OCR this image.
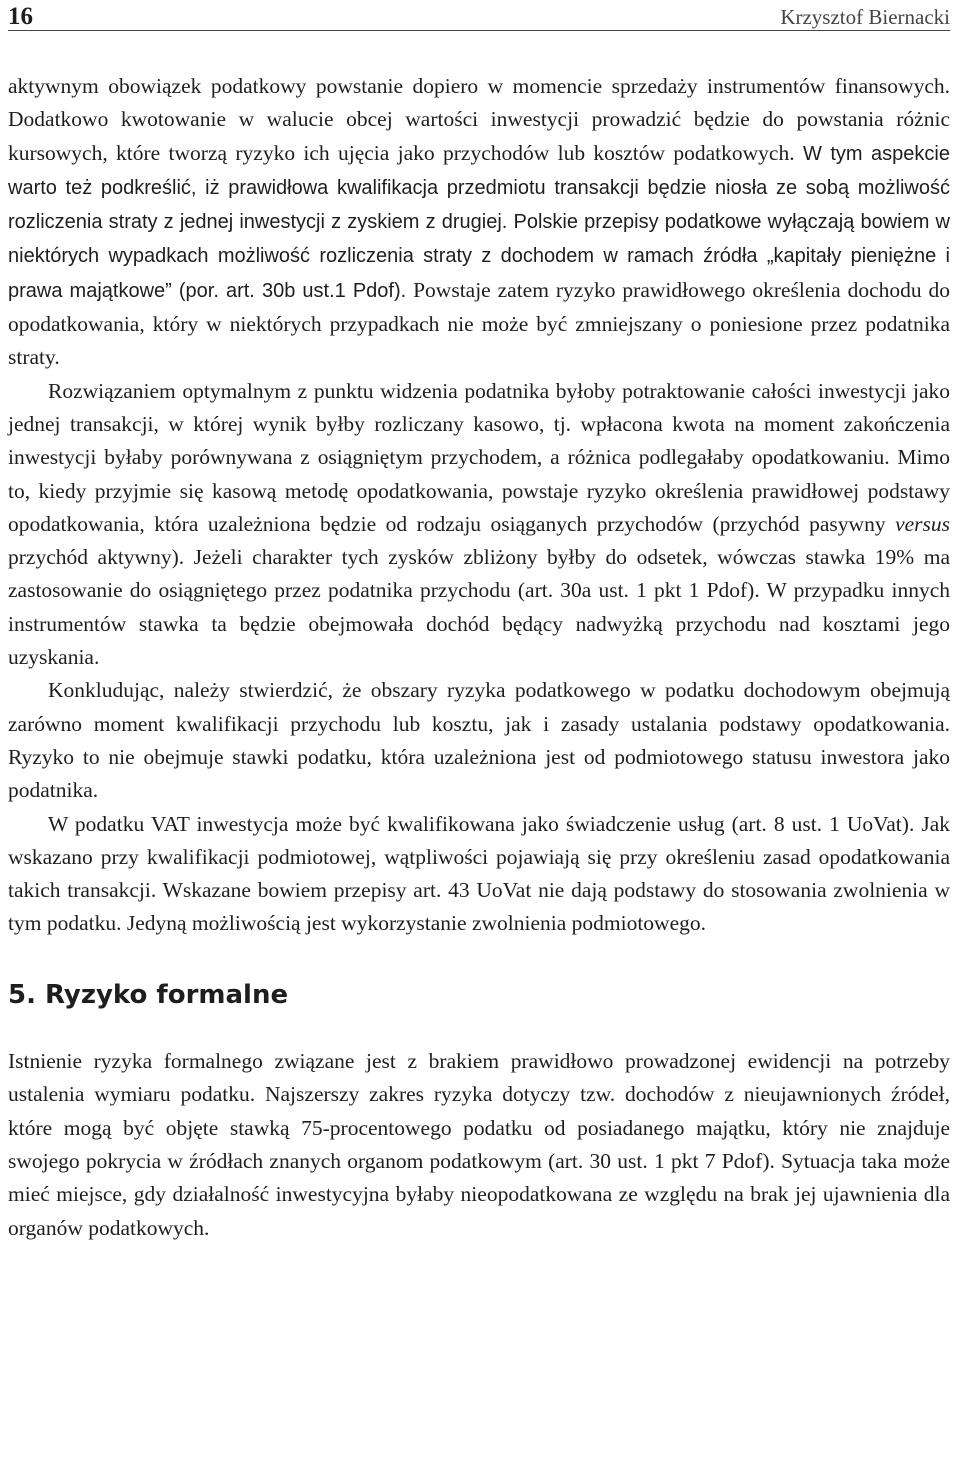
16	Krzysztof Biernacki

aktywnym obowiązek podatkowy powstanie dopiero w momencie sprzedaży instrumentów finansowych. Dodatkowo kwotowanie w walucie obcej wartości inwestycji prowadzić będzie do powstania różnic kursowych, które tworzą ryzyko ich ujęcia jako przychodów lub kosztów podatkowych. W tym aspekcie warto też podkreślić, iż prawidłowa kwalifikacja przedmiotu transakcji będzie niosła ze sobą możliwość rozliczenia straty z jednej inwestycji z zyskiem z drugiej. Polskie przepisy podatkowe wyłączają bowiem w niektórych wypadkach możliwość rozliczenia straty z dochodem w ramach źródła „kapitały pieniężne i prawa majątkowe” (por. art. 30b ust.1 Pdof). Powstaje zatem ryzyko prawidłowego określenia dochodu do opodatkowania, który w niektórych przypadkach nie może być zmniejszany o poniesione przez podatnika straty.

Rozwiązaniem optymalnym z punktu widzenia podatnika byłoby potraktowanie całości inwestycji jako jednej transakcji, w której wynik byłby rozliczany kasowo, tj. wpłacona kwota na moment zakończenia inwestycji byłaby porównywana z osiągniętym przychodem, a różnica podlegałaby opodatkowaniu. Mimo to, kiedy przyjmie się kasową metodę opodatkowania, powstaje ryzyko określenia prawidłowej podstawy opodatkowania, która uzależniona będzie od rodzaju osiąganych przychodów (przychód pasywny versus przychód aktywny). Jeżeli charakter tych zysków zbliżony byłby do odsetek, wówczas stawka 19% ma zastosowanie do osiągniętego przez podatnika przychodu (art. 30a ust. 1 pkt 1 Pdof). W przypadku innych instrumentów stawka ta będzie obejmowała dochód będący nadwyżką przychodu nad kosztami jego uzyskania.

Konkludując, należy stwierdzić, że obszary ryzyka podatkowego w podatku dochodowym obejmują zarówno moment kwalifikacji przychodu lub kosztu, jak i zasady ustalania podstawy opodatkowania. Ryzyko to nie obejmuje stawki podatku, która uzależniona jest od podmiotowego statusu inwestora jako podatnika.

W podatku VAT inwestycja może być kwalifikowana jako świadczenie usług (art. 8 ust. 1 UoVat). Jak wskazano przy kwalifikacji podmiotowej, wątpliwości pojawiają się przy określeniu zasad opodatkowania takich transakcji. Wskazane bowiem przepisy art. 43 UoVat nie dają podstawy do stosowania zwolnienia w tym podatku. Jedyną możliwością jest wykorzystanie zwolnienia podmiotowego.

5. Ryzyko formalne

Istnienie ryzyka formalnego związane jest z brakiem prawidłowo prowadzonej ewidencji na potrzeby ustalenia wymiaru podatku. Najszerszy zakres ryzyka dotyczy tzw. dochodów z nieujawnionych źródeł, które mogą być objęte stawką 75-procentowego podatku od posiadanego majątku, który nie znajduje swojego pokrycia w źródłach znanych organom podatkowym (art. 30 ust. 1 pkt 7 Pdof). Sytuacja taka może mieć miejsce, gdy działalność inwestycyjna byłaby nieopodatkowana ze względu na brak jej ujawnienia dla organów podatkowych.
